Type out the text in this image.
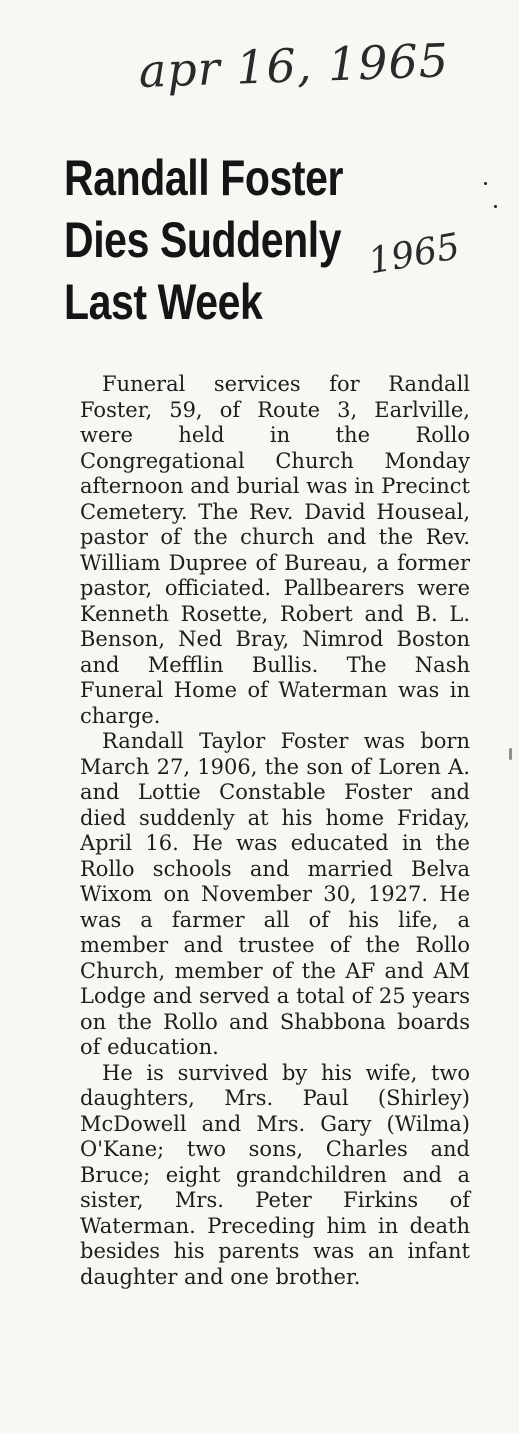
apr 16, 1965
Randall Foster
Dies Suddenly
Last Week
1965

Funeral services for Randall Foster, 59, of Route 3, Earlville, were held in the Rollo Congregational Church Monday afternoon and burial was in Precinct Cemetery. The Rev. David Houseal, pastor of the church and the Rev. William Dupree of Bureau, a former pastor, officiated. Pallbearers were Kenneth Rosette, Robert and B. L. Benson, Ned Bray, Nimrod Boston and Mefflin Bullis. The Nash Funeral Home of Waterman was in charge.

Randall Taylor Foster was born March 27, 1906, the son of Loren A. and Lottie Constable Foster and died suddenly at his home Friday, April 16. He was educated in the Rollo schools and married Belva Wixom on November 30, 1927. He was a farmer all of his life, a member and trustee of the Rollo Church, member of the AF and AM Lodge and served a total of 25 years on the Rollo and Shabbona boards of education.

He is survived by his wife, two daughters, Mrs. Paul (Shirley) McDowell and Mrs. Gary (Wilma) O'Kane; two sons, Charles and Bruce; eight grandchildren and a sister, Mrs. Peter Firkins of Waterman. Preceding him in death besides his parents was an infant daughter and one brother.
